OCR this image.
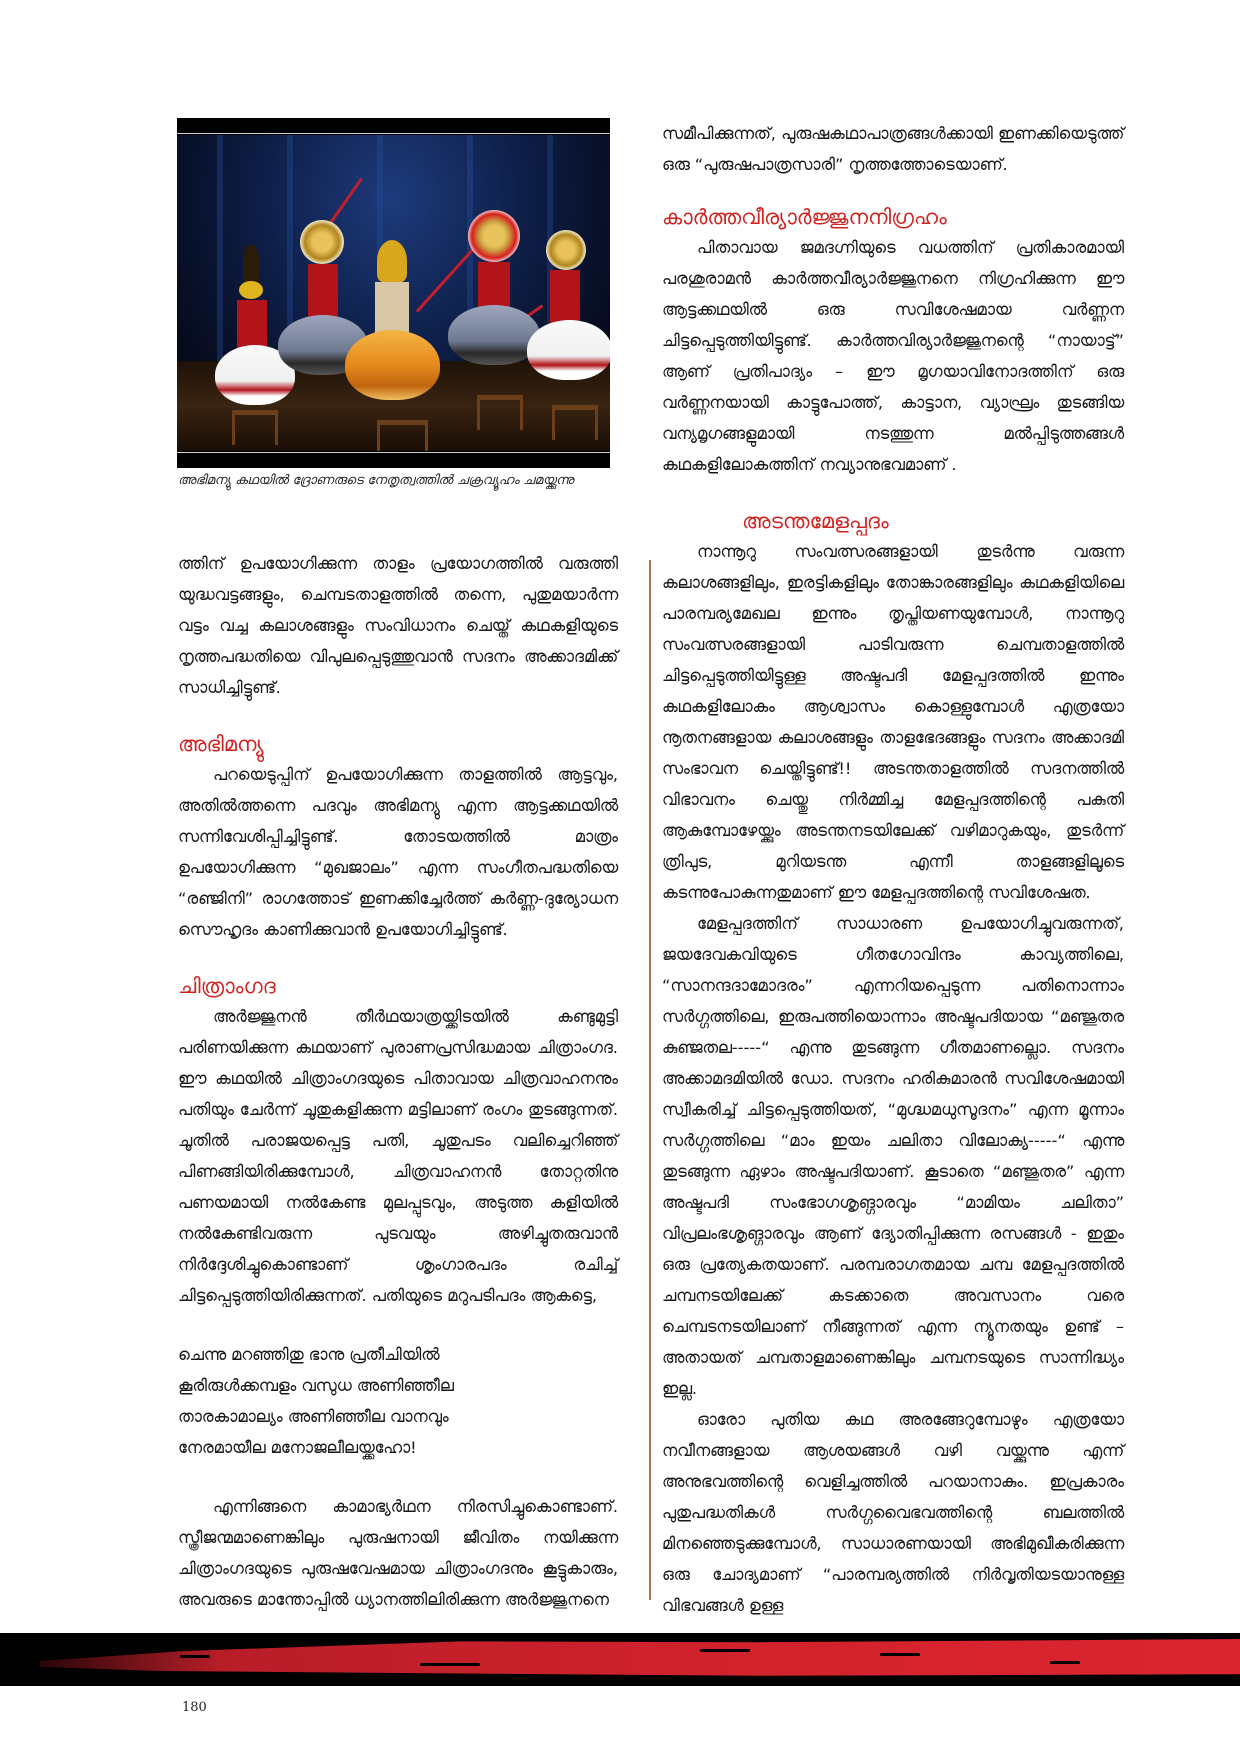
അഭിമന്യു കഥയിൽ ദ്രോണരുടെ നേതൃത്വത്തിൽ ചക്രവ്യൂഹം ചമയ്ക്കുന്നു

ത്തിന് ഉപയോഗിക്കുന്ന താളം പ്രയോഗത്തിൽ വരുത്തി യുദ്ധവട്ടങ്ങളും, ചെമ്പടതാളത്തിൽ തന്നെ, പുതുമയാർന്ന വട്ടം വച്ച കലാശങ്ങളും സംവിധാനം ചെയ്ത് കഥകളിയുടെ നൃത്തപദ്ധതിയെ വിപുലപ്പെടുത്തുവാൻ സദനം അക്കാദമിക്ക് സാധിച്ചിട്ടുണ്ട്.

അഭിമന്യു

പറയെടുപ്പിന് ഉപയോഗിക്കുന്ന താളത്തിൽ ആട്ടവും, അതിൽത്തന്നെ പദവും അഭിമന്യു എന്ന ആട്ടക്കഥയിൽ സന്നിവേശിപ്പിച്ചിട്ടുണ്ട്. തോടയത്തിൽ മാത്രം ഉപയോഗിക്കുന്ന “മുഖജാലം” എന്ന സംഗീതപദ്ധതിയെ “രഞ്ജിനി” രാഗത്തോട് ഇണക്കിച്ചേർത്ത് കർണ്ണ-ദുര്യോധന സൌഹൃദം കാണിക്കുവാൻ ഉപയോഗിച്ചിട്ടുണ്ട്.

ചിത്രാംഗദ

അർജ്ജുനൻ തീർഥയാത്രയ്ക്കിടയിൽ കണ്ടുമുട്ടി പരിണയിക്കുന്ന കഥയാണ് പുരാണപ്രസിദ്ധമായ ചിത്രാംഗദ. ഈ കഥയിൽ ചിത്രാംഗദയുടെ പിതാവായ ചിത്രവാഹനനും പതിയും ചേർന്ന് ചൂതുകളിക്കുന്ന മട്ടിലാണ് രംഗം തുടങ്ങുന്നത്. ചൂതിൽ പരാജയപ്പെട്ട പതി, ചൂതുപടം വലിച്ചെറിഞ്ഞ് പിണങ്ങിയിരിക്കുമ്പോൾ, ചിത്രവാഹനൻ തോറ്റതിനു പണയമായി നൽകേണ്ട മുലപ്പുടവും, അടുത്ത കളിയിൽ നൽകേണ്ടിവരുന്ന പുടവയും അഴിച്ചുതരുവാൻ നിർദ്ദേശിച്ചുകൊണ്ടാണ് ശൃംഗാരപദം രചിച്ച് ചിട്ടപ്പെടുത്തിയിരിക്കുന്നത്. പതിയുടെ മറുപടിപദം ആകട്ടെ,

ചെന്നു മറഞ്ഞിതു ഭാനു പ്രതീചിയിൽ

കൂരിരുൾക്കമ്പളം വസുധ അണിഞ്ഞീല

താരകാമാല്യം അണിഞ്ഞീല വാനവും

നേരമായീല മനോജലീലയ്ക്കഹോ!

എന്നിങ്ങനെ കാമാഭ്യർഥന നിരസിച്ചുകൊണ്ടാണ്. സ്ത്രീജന്മമാണെങ്കിലും പുരുഷനായി ജീവിതം നയിക്കുന്ന ചിത്രാംഗദയുടെ പുരുഷവേഷമായ ചിത്രാംഗദനും കൂട്ടുകാരും, അവരുടെ മാന്തോപ്പിൽ ധ്യാനത്തിലിരിക്കുന്ന അർജ്ജുനനെ

സമീപിക്കുന്നത്, പുരുഷകഥാപാത്രങ്ങൾക്കായി ഇണക്കിയെടുത്ത് ഒരു “പുരുഷപാത്രസാരി” നൃത്തത്തോടെയാണ്.

കാർത്തവീര്യാർജ്ജുനനിഗ്രഹം

പിതാവായ ജമദഗ്നിയുടെ വധത്തിന് പ്രതികാരമായി പരശുരാമൻ കാർത്തവീര്യാർജ്ജുനനെ നിഗ്രഹിക്കുന്ന ഈ ആട്ടക്കഥയിൽ ഒരു സവിശേഷമായ വർണ്ണന ചിട്ടപ്പെടുത്തിയിട്ടുണ്ട്. കാർത്തവിര്യാർജ്ജുനന്റെ “നായാട്ട്” ആണ് പ്രതിപാദ്യം – ഈ മൃഗയാവിനോദത്തിന് ഒരു വർണ്ണനയായി കാട്ടുപോത്ത്, കാട്ടാന, വ്യാഘ്രം തുടങ്ങിയ വന്യമൃഗങ്ങളുമായി നടത്തുന്ന മൽപ്പിടുത്തങ്ങൾ കഥകളിലോകത്തിന് നവ്യാനുഭവമാണ് .

അടന്തമേളപ്പദം

നാന്നൂറു സംവത്സരങ്ങളായി തുടർന്നു വരുന്ന കലാശങ്ങളിലും, ഇരട്ടികളിലും തോങ്കാരങ്ങളിലും കഥകളിയിലെ പാരമ്പര്യമേഖല ഇന്നും തൃപ്തിയണയുമ്പോൾ, നാന്നൂറു സംവത്സരങ്ങളായി പാടിവരുന്ന ചെമ്പതാളത്തിൽ ചിട്ടപ്പെടുത്തിയിട്ടുള്ള അഷ്ടപദി മേളപ്പദത്തിൽ ഇന്നും കഥകളിലോകം ആശ്വാസം കൊള്ളുമ്പോൾ എത്രയോ നൂതനങ്ങളായ കലാശങ്ങളും താളഭേദങ്ങളും സദനം അക്കാദമി സംഭാവന ചെയ്തിട്ടുണ്ട്!! അടന്തതാളത്തിൽ സദനത്തിൽ വിഭാവനം ചെയ്തു നിർമ്മിച്ച മേളപ്പദത്തിന്റെ പകുതി ആകുമ്പോഴേയ്ക്കും അടന്തനടയിലേക്ക് വഴിമാറുകയും, തുടർന്ന് ത്രിപുട, മുറിയടന്ത എന്നീ താളങ്ങളിലൂടെ കടന്നുപോകുന്നതുമാണ് ഈ മേളപ്പദത്തിന്റെ സവിശേഷത.

മേളപ്പദത്തിന് സാധാരണ ഉപയോഗിച്ചുവരുന്നത്, ജയദേവകവിയുടെ ഗീതഗോവിന്ദം കാവ്യത്തിലെ, “സാനന്ദദാമോദരം” എന്നറിയപ്പെടുന്ന പതിനൊന്നാം സർഗ്ഗത്തിലെ, ഇരുപത്തിയൊന്നാം അഷ്ടപദിയായ “മഞ്ജുതര കുഞ്ജതല-----“ എന്നു തുടങ്ങുന്ന ഗീതമാണല്ലൊ. സദനം അക്കാമദമിയിൽ ഡോ. സദനം ഹരികുമാരൻ സവിശേഷമായി സ്വീകരിച്ച് ചിട്ടപ്പെടുത്തിയത്, “മുഗ്ദ്ധമധുസൂദനം” എന്ന മൂന്നാം സർഗ്ഗത്തിലെ “മാം ഇയം ചലിതാ വിലോക്യ-----“ എന്നു തുടങ്ങുന്ന ഏഴാം അഷ്ടപദിയാണ്. കൂടാതെ “മഞ്ജുതര” എന്ന അഷ്ടപദി സംഭോഗശൃങ്ഗാരവും “മാമിയം ചലിതാ” വിപ്രലംഭശൃങ്ഗാരവും ആണ് ദ്യോതിപ്പിക്കുന്ന രസങ്ങൾ - ഇതും ഒരു പ്രത്യേകതയാണ്. പരമ്പരാഗതമായ ചമ്പ മേളപ്പദത്തിൽ ചമ്പനടയിലേക്ക് കടക്കാതെ അവസാനം വരെ ചെമ്പടനടയിലാണ് നീങ്ങുന്നത് എന്ന ന്യൂനതയും ഉണ്ട് – അതായത് ചമ്പതാളമാണെങ്കിലും ചമ്പനടയുടെ സാന്നിദ്ധ്യം ഇല്ല.

ഓരോ പുതിയ കഥ അരങ്ങേറുമ്പോഴും എത്രയോ നവീനങ്ങളായ ആശയങ്ങൾ വഴി വയ്ക്കുന്നു എന്ന് അനുഭവത്തിന്റെ വെളിച്ചത്തിൽ പറയാനാകും. ഇപ്രകാരം പുതുപദ്ധതികൾ സർഗ്ഗവൈഭവത്തിന്റെ ബലത്തിൽ മിനഞ്ഞെടുക്കുമ്പോൾ, സാധാരണയായി അഭിമുഖീകരിക്കുന്ന ഒരു ചോദ്യമാണ് “പാരമ്പര്യത്തിൽ നിർവൃതിയടയാനുള്ള വിഭവങ്ങൾ ഉള്ള

180
